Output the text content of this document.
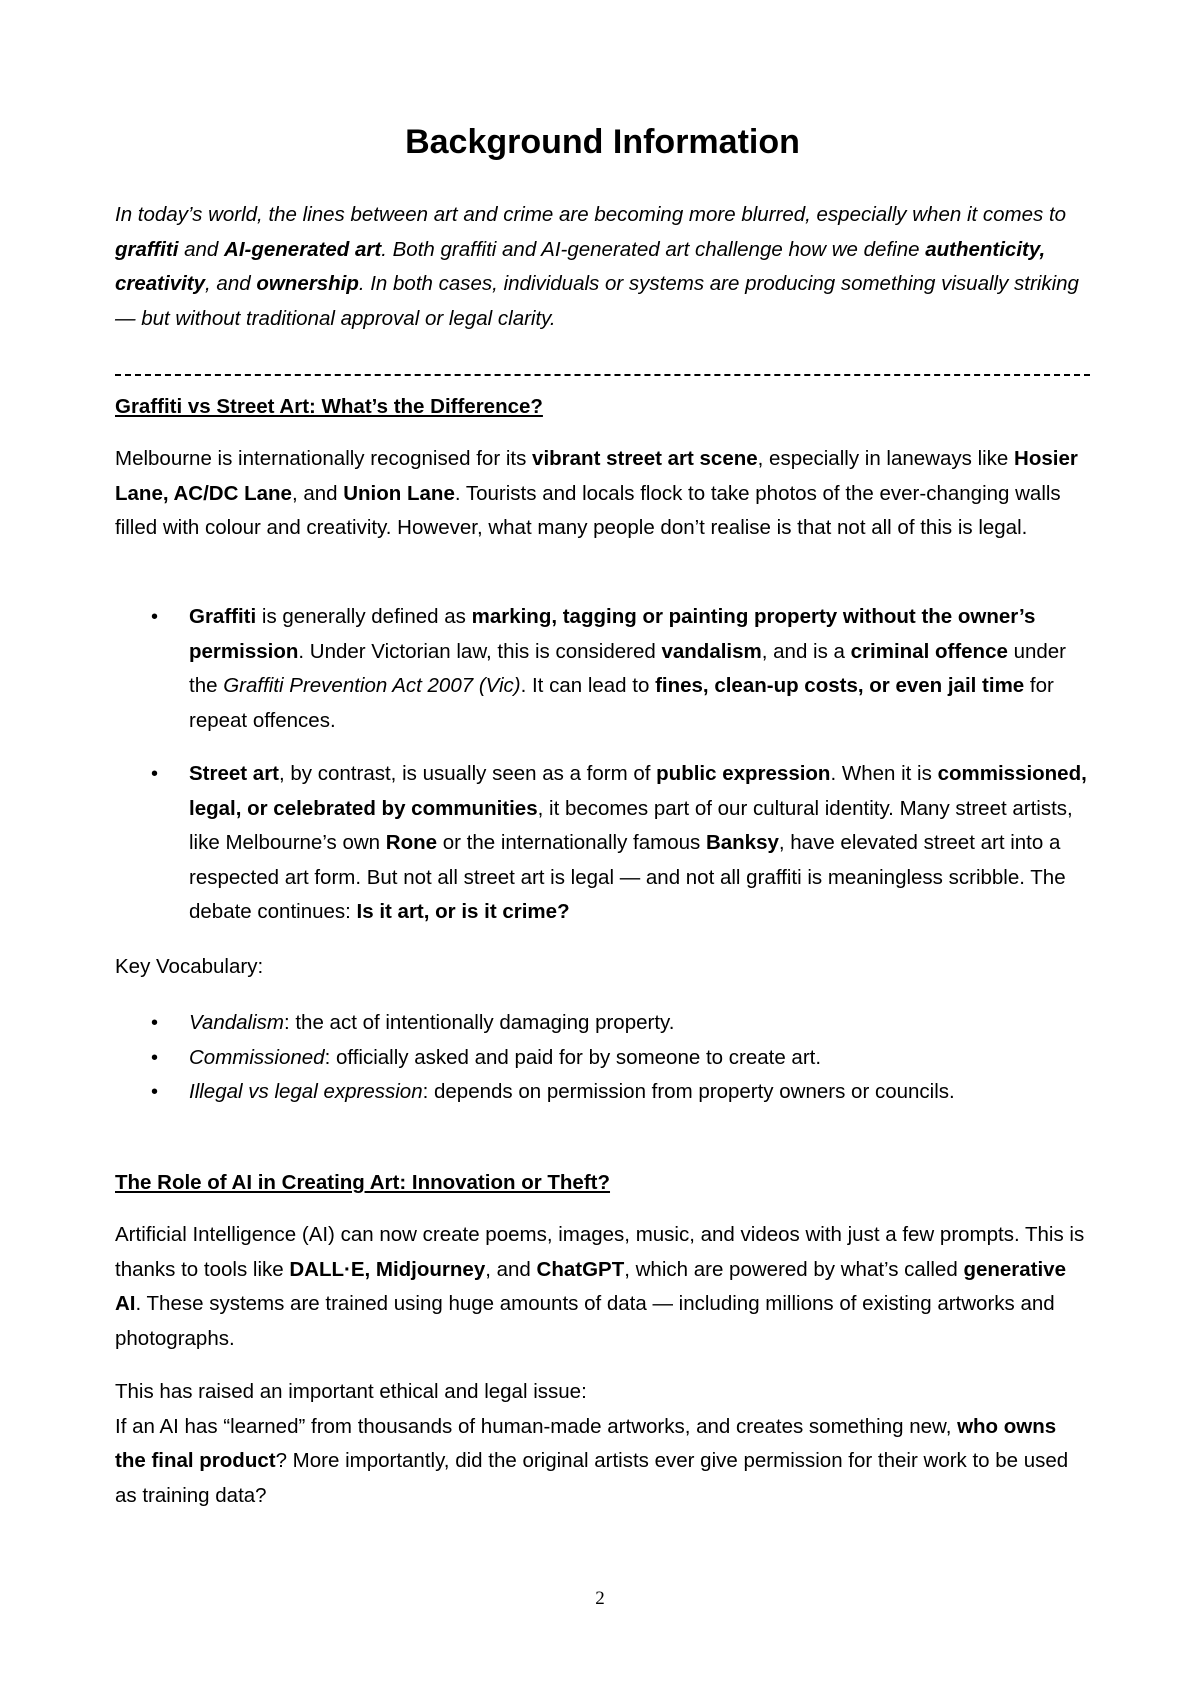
Background Information

In today’s world, the lines between art and crime are becoming more blurred, especially when it comes to graffiti and AI-generated art. Both graffiti and AI-generated art challenge how we define authenticity, creativity, and ownership. In both cases, individuals or systems are producing something visually striking — but without traditional approval or legal clarity.

Graffiti vs Street Art: What’s the Difference?

Melbourne is internationally recognised for its vibrant street art scene, especially in laneways like Hosier Lane, AC/DC Lane, and Union Lane. Tourists and locals flock to take photos of the ever-changing walls filled with colour and creativity. However, what many people don’t realise is that not all of this is legal.

• Graffiti is generally defined as marking, tagging or painting property without the owner’s permission. Under Victorian law, this is considered vandalism, and is a criminal offence under the Graffiti Prevention Act 2007 (Vic). It can lead to fines, clean-up costs, or even jail time for repeat offences.
• Street art, by contrast, is usually seen as a form of public expression. When it is commissioned, legal, or celebrated by communities, it becomes part of our cultural identity. Many street artists, like Melbourne’s own Rone or the internationally famous Banksy, have elevated street art into a respected art form. But not all street art is legal — and not all graffiti is meaningless scribble. The debate continues: Is it art, or is it crime?

Key Vocabulary:

• Vandalism: the act of intentionally damaging property.
• Commissioned: officially asked and paid for by someone to create art.
• Illegal vs legal expression: depends on permission from property owners or councils.
The Role of AI in Creating Art: Innovation or Theft?

Artificial Intelligence (AI) can now create poems, images, music, and videos with just a few prompts. This is thanks to tools like DALL·E, Midjourney, and ChatGPT, which are powered by what’s called generative AI. These systems are trained using huge amounts of data — including millions of existing artworks and photographs.

This has raised an important ethical and legal issue:
If an AI has “learned” from thousands of human-made artworks, and creates something new, who owns the final product? More importantly, did the original artists ever give permission for their work to be used as training data?

2
